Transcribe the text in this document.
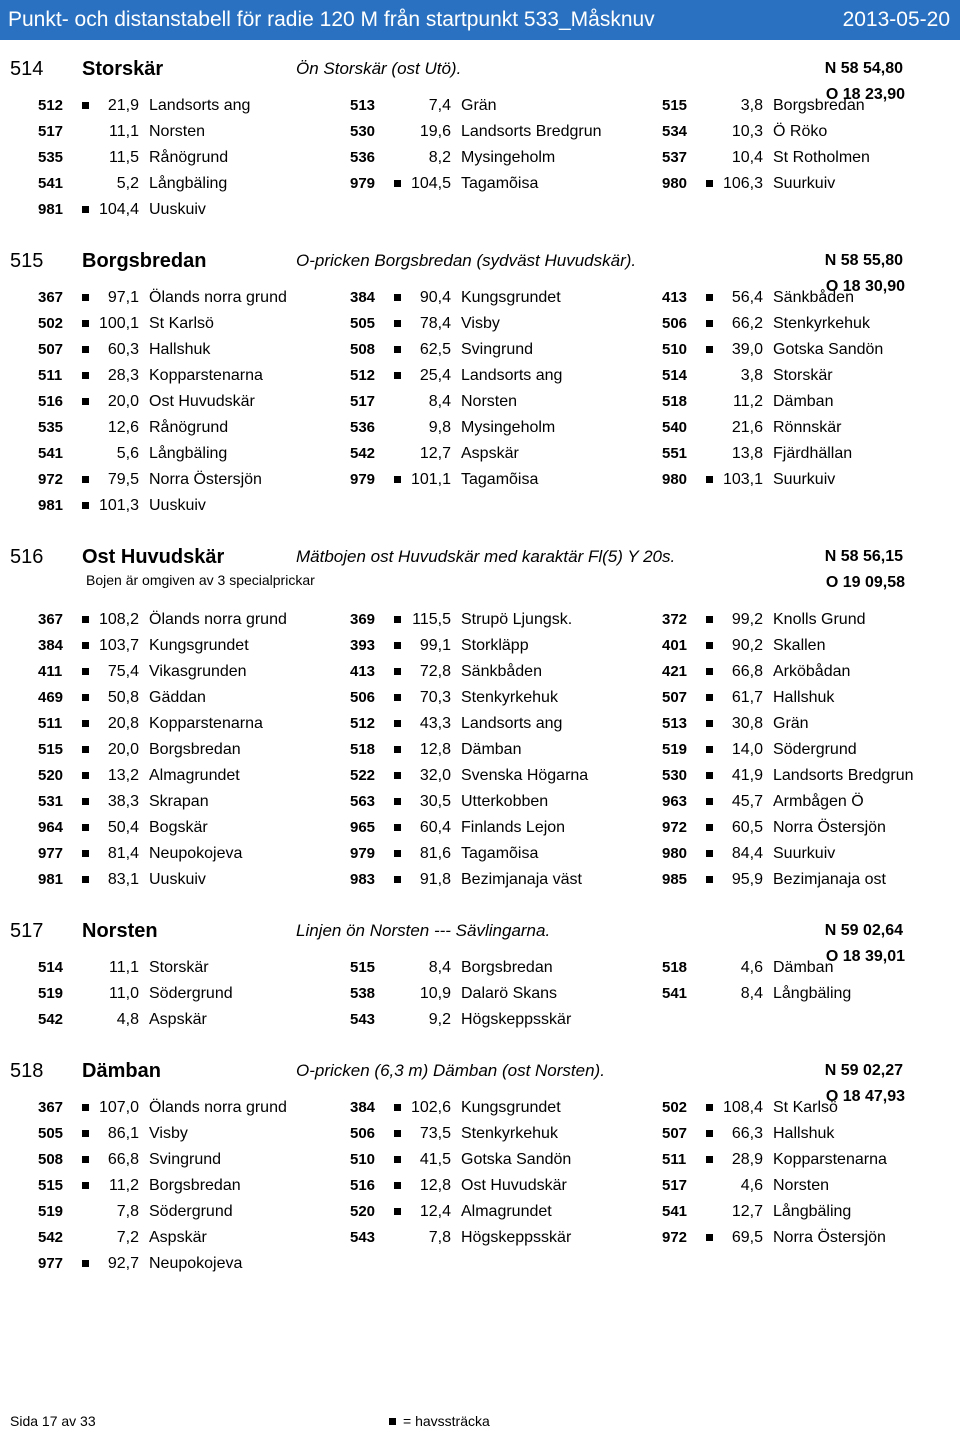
Punkt- och distanstabell för radie 120 M från startpunkt 533_Måsknuv	2013-05-20
514 Storskär	Ön Storskär (ost Utö).	N 58 54,80
O 18 23,90
512	21,9 Landsorts ang	513	7,4 Grän	515	3,8 Borgsbredan
517	11,1 Norsten	530	19,6 Landsorts Bredgrun	534	10,3 Ö Röko
535	11,5 Rånögrund	536	8,2 Mysingeholm	537	10,4 St Rotholmen
541	5,2 Långbäling	979 104,5 Tagamõisa	980 106,3 Suurkuiv
981 104,4 Uuskuiv
515 Borgsbredan	O-pricken Borgsbredan (sydväst Huvudskär).	N 58 55,80
O 18 30,90
367	97,1 Ölands norra grund	384	90,4 Kungsgrundet	413	56,4 Sänkbåden
502 100,1 St Karlsö	505	78,4 Visby	506	66,2 Stenkyrkehuk
507	60,3 Hallshuk	508	62,5 Svingrund	510	39,0 Gotska Sandön
511	28,3 Kopparstenarna	512	25,4 Landsorts ang	514	3,8 Storskär
516	20,0 Ost Huvudskär	517	8,4 Norsten	518	11,2 Dämban
535	12,6 Rånögrund	536	9,8 Mysingeholm	540	21,6 Rönnskär
541	5,6 Långbäling	542	12,7 Aspskär	551	13,8 Fjärdhällan
972	79,5 Norra Östersjön	979 101,1 Tagamõisa	980 103,1 Suurkuiv
981 101,3 Uuskuiv
516 Ost Huvudskär	Mätbojen ost Huvudskär med karaktär Fl(5) Y 20s.	N 58 56,15
O 19 09,58
Bojen är omgiven av 3 specialprickar
367 108,2 Ölands norra grund	369 115,5 Strupö Ljungsk.	372	99,2 Knolls Grund
384 103,7 Kungsgrundet	393	99,1 Storkläpp	401	90,2 Skallen
411	75,4 Vikasgrunden	413	72,8 Sänkbåden	421	66,8 Arköbådan
469	50,8 Gäddan	506	70,3 Stenkyrkehuk	507	61,7 Hallshuk
511	20,8 Kopparstenarna	512	43,3 Landsorts ang	513	30,8 Grän
515	20,0 Borgsbredan	518	12,8 Dämban	519	14,0 Södergrund
520	13,2 Almagrundet	522	32,0 Svenska Högarna	530	41,9 Landsorts Bredgrun
531	38,3 Skrapan	563	30,5 Utterkobben	963	45,7 Armbågen Ö
964	50,4 Bogskär	965	60,4 Finlands Lejon	972	60,5 Norra Östersjön
977	81,4 Neupokojeva	979	81,6 Tagamõisa	980	84,4 Suurkuiv
981	83,1 Uuskuiv	983	91,8 Bezimjanaja väst	985	95,9 Bezimjanaja ost
517 Norsten	Linjen ön Norsten --- Sävlingarna.	N 59 02,64
O 18 39,01
514	11,1 Storskär	515	8,4 Borgsbredan	518	4,6 Dämban
519	11,0 Södergrund	538	10,9 Dalarö Skans	541	8,4 Långbäling
542	4,8 Aspskär	543	9,2 Högskeppsskär
518 Dämban	O-pricken (6,3 m) Dämban (ost Norsten).	N 59 02,27
O 18 47,93
367 107,0 Ölands norra grund	384 102,6 Kungsgrundet	502 108,4 St Karlsö
505	86,1 Visby	506	73,5 Stenkyrkehuk	507	66,3 Hallshuk
508	66,8 Svingrund	510	41,5 Gotska Sandön	511	28,9 Kopparstenarna
515	11,2 Borgsbredan	516	12,8 Ost Huvudskär	517	4,6 Norsten
519	7,8 Södergrund	520	12,4 Almagrundet	541	12,7 Långbäling
542	7,2 Aspskär	543	7,8 Högskeppsskär	972	69,5 Norra Östersjön
977	92,7 Neupokojeva
Sida 17 av 33	= havssträcka
